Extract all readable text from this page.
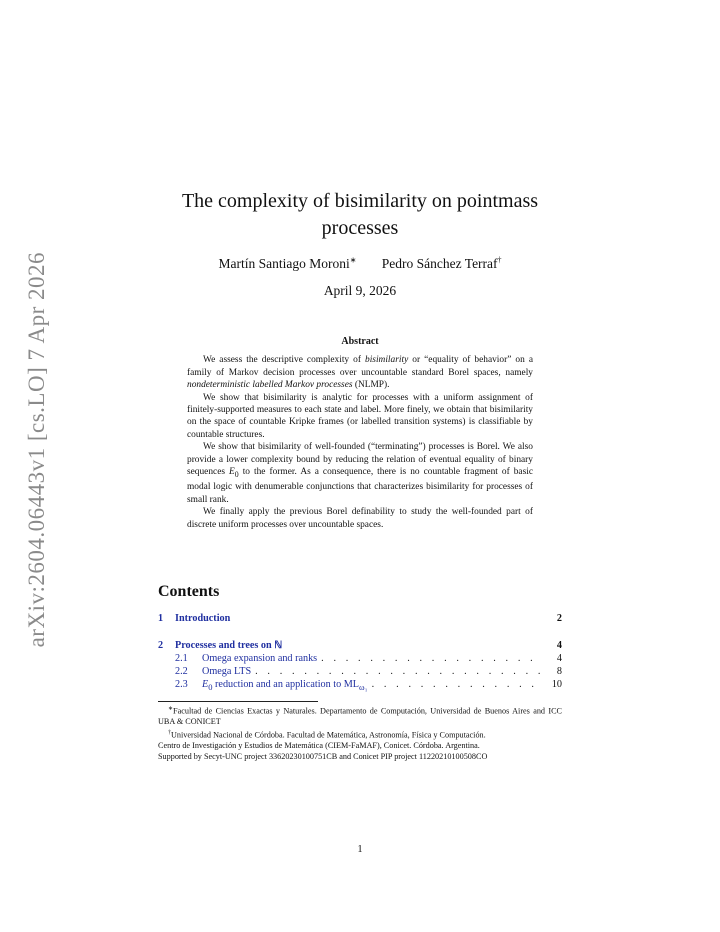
arXiv:2604.06443v1 [cs.LO] 7 Apr 2026
The complexity of bisimilarity on pointmass
processes
Martín Santiago Moroni∗ Pedro Sánchez Terraf†
April 9, 2026
Abstract

We assess the descriptive complexity of bisimilarity or “equality of behavior” on a family of Markov decision processes over uncountable standard Borel spaces, namely nondeterministic labelled Markov processes (NLMP).

We show that bisimilarity is analytic for processes with a uniform assignment of finitely-supported measures to each state and label. More finely, we obtain that bisimilarity on the space of countable Kripke frames (or labelled transition systems) is classifiable by countable structures.

We show that bisimilarity of well-founded (“terminating”) processes is Borel. We also provide a lower complexity bound by reducing the relation of eventual equality of binary sequences $E_0$ to the former. As a consequence, there is no countable fragment of basic modal logic with denumerable conjunctions that characterizes bisimilarity for processes of small rank.

We finally apply the previous Borel definability to study the well-founded part of discrete uniform processes over uncountable spaces.

Contents
1	Introduction	2
2	Processes and trees on ℕ	4
2.1	Omega expansion and ranks . . .	4
2.2	Omega LTS . . .	8
2.3	$E_0$ reduction and an application to $ML_{\omega_1}$ . . .	10

∗Facultad de Ciencias Exactas y Naturales. Departamento de Computación, Universidad de Buenos Aires and ICC UBA & CONICET

†Universidad Nacional de Córdoba. Facultad de Matemática, Astronomía, Física y Computación.

Centro de Investigación y Estudios de Matemática (CIEM-FaMAF), Conicet. Córdoba. Argentina.

Supported by Secyt-UNC project 33620230100751CB and Conicet PIP project 11220210100508CO

1
